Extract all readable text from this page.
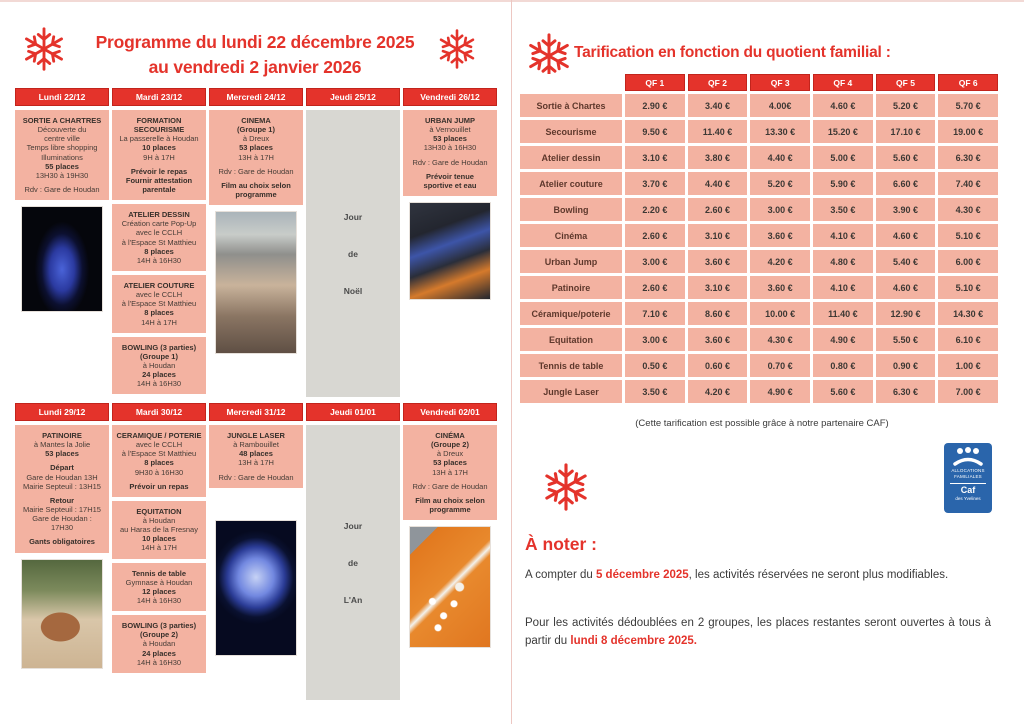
Programme du lundi 22 décembre 2025
au vendredi 2 janvier 2026
Lundi 22/12
SORTIE A CHARTRES
Découverte du
centre ville
Temps libre shopping
Illuminations
55 places
13H30 à 19H30
Rdv : Gare de Houdan
Mardi 23/12
FORMATION
SECOURISME
La passerelle à Houdan
10 places
9H à 17H
Prévoir le repas
Fournir attestation
parentale
ATELIER DESSIN
Création carte Pop-Up
avec le CCLH
à l'Espace St Matthieu
8 places
14H à 16H30
ATELIER COUTURE
avec le CCLH
à l'Espace St Matthieu
8 places
14H à 17H
BOWLING (3 parties)
(Groupe 1)
à Houdan
24 places
14H à 16H30
Mercredi 24/12
CINEMA
(Groupe 1)
à Dreux
53 places
13H à 17H
Rdv : Gare de Houdan
Film au choix selon
programme
Jeudi 25/12
Jour
de
Noël
Vendredi 26/12
URBAN JUMP
à Vernouillet
53 places
13H30 à 16H30
Rdv : Gare de Houdan
Prévoir tenue
sportive et eau
Lundi 29/12
PATINOIRE
à Mantes la Jolie
53 places
Départ
Gare de Houdan 13H
Mairie Septeuil : 13H15
Retour
Mairie Septeuil : 17H15
Gare de Houdan :
17H30
Gants obligatoires
Mardi 30/12
CERAMIQUE / POTERIE
avec le CCLH
à l'Espace St Matthieu
8 places
9H30 à 16H30
Prévoir un repas
EQUITATION
à Houdan
au Haras de la Fresnay
10 places
14H à 17H
Tennis de table
Gymnase à Houdan
12 places
14H à 16H30
BOWLING (3 parties)
(Groupe 2)
à Houdan
24 places
14H à 16H30
Mercredi 31/12
JUNGLE LASER
à Rambouillet
48 places
13H à 17H
Rdv : Gare de Houdan
Jeudi 01/01
Jour
de
L'An
Vendredi 02/01
CINÉMA
(Groupe 2)
à Dreux
53 places
13H à 17H
Rdv : Gare de Houdan
Film au choix selon
programme
Tarification en fonction du quotient familial :
QF 1	QF 2	QF 3	QF 4	QF 5	QF 6
Sortie à Chartes	2.90 €	3.40 €	4.00€	4.60 €	5.20 €	5.70 €
Secourisme	9.50 €	11.40 €	13.30 €	15.20 €	17.10 €	19.00 €
Atelier dessin	3.10 €	3.80 €	4.40 €	5.00 €	5.60 €	6.30 €
Atelier couture	3.70 €	4.40 €	5.20 €	5.90 €	6.60 €	7.40 €
Bowling	2.20 €	2.60 €	3.00 €	3.50 €	3.90 €	4.30 €
Cinéma	2.60 €	3.10 €	3.60 €	4.10 €	4.60 €	5.10 €
Urban Jump	3.00 €	3.60 €	4.20 €	4.80 €	5.40 €	6.00 €
Patinoire	2.60 €	3.10 €	3.60 €	4.10 €	4.60 €	5.10 €
Céramique/poterie	7.10 €	8.60 €	10.00 €	11.40 €	12.90 €	14.30 €
Equitation	3.00 €	3.60 €	4.30 €	4.90 €	5.50 €	6.10 €
Tennis de table	0.50 €	0.60 €	0.70 €	0.80 €	0.90 €	1.00 €
Jungle Laser	3.50 €	4.20 €	4.90 €	5.60 €	6.30 €	7.00 €
(Cette tarification est possible grâce à notre partenaire CAF)
ALLOCATIONS
FAMILIALES
Caf
des Yvelines
À noter :
A compter du 5 décembre 2025, les activités réservées ne seront plus modifiables.
Pour les activités dédoublées en 2 groupes, les places restantes seront ouvertes à tous à partir du lundi 8 décembre 2025.
